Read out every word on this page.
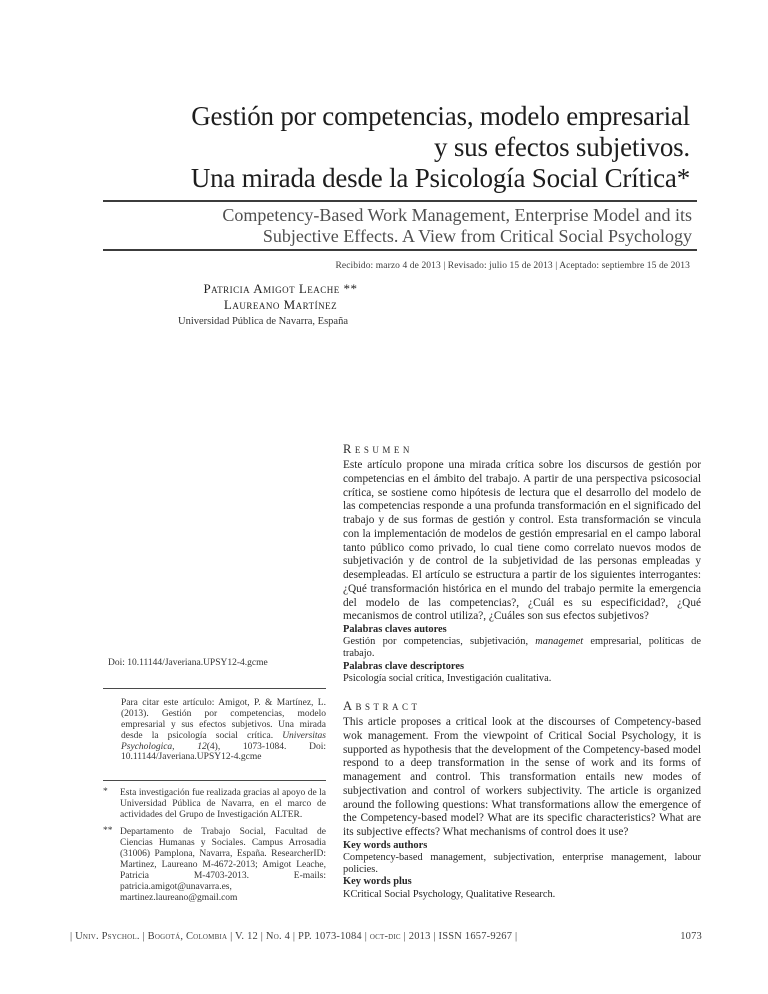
Gestión por competencias, modelo empresarial
y sus efectos subjetivos.
Una mirada desde la Psicología Social Crítica*
Competency-Based Work Management, Enterprise Model and its
Subjective Effects. A View from Critical Social Psychology
Recibido: marzo 4 de 2013 | Revisado: julio 15 de 2013 | Aceptado: septiembre 15 de 2013
Patricia Amigot Leache **
Laureano Martínez
Universidad Pública de Navarra, España
Doi: 10.11144/Javeriana.UPSY12-4.gcme
Para citar este artículo: Amigot, P. & Martínez, L. (2013). Gestión por competencias, modelo empresarial y sus efectos subjetivos. Una mirada desde la psicología social crítica. Universitas Psychologica, 12(4), 1073-1084. Doi: 10.11144/Javeriana.UPSY12-4.gcme
* Esta investigación fue realizada gracias al apoyo de la Universidad Pública de Navarra, en el marco de actividades del Grupo de Investigación ALTER.
** Departamento de Trabajo Social, Facultad de Ciencias Humanas y Sociales. Campus Arrosadia (31006) Pamplona, Navarra, España. ResearcherID: Martinez, Laureano M-4672-2013; Amigot Leache, Patricia M-4703-2013. E-mails: patricia.amigot@unavarra.es, martinez.laureano@gmail.com
Resumen
Este artículo propone una mirada crítica sobre los discursos de gestión por competencias en el ámbito del trabajo. A partir de una perspectiva psicosocial crítica, se sostiene como hipótesis de lectura que el desarrollo del modelo de las competencias responde a una profunda transformación en el significado del trabajo y de sus formas de gestión y control. Esta transformación se vincula con la implementación de modelos de gestión empresarial en el campo laboral tanto público como privado, lo cual tiene como correlato nuevos modos de subjetivación y de control de la subjetividad de las personas empleadas y desempleadas. El artículo se estructura a partir de los siguientes interrogantes: ¿Qué transformación histórica en el mundo del trabajo permite la emergencia del modelo de las competencias?, ¿Cuál es su especificidad?, ¿Qué mecanismos de control utiliza?, ¿Cuáles son sus efectos subjetivos?
Palabras claves autores
Gestión por competencias, subjetivación, managemet empresarial, políticas de trabajo.
Palabras clave descriptores
Psicología social crítica, Investigación cualitativa.
Abstract
This article proposes a critical look at the discourses of Competency-based wok management. From the viewpoint of Critical Social Psychology, it is supported as hypothesis that the development of the Competency-based model respond to a deep transformation in the sense of work and its forms of management and control. This transformation entails new modes of subjectivation and control of workers subjectivity. The article is organized around the following questions: What transformations allow the emergence of the Competency-based model? What are its specific characteristics? What are its subjective effects? What mechanisms of control does it use?
Key words authors
Competency-based management, subjectivation, enterprise management, labour policies.
Key words plus
KCritical Social Psychology, Qualitative Research.
| Univ. Psychol. | Bogotá, Colombia | V. 12 | No. 4 | PP. 1073-1084 | oct-dic | 2013 | ISSN 1657-9267 |	1073
